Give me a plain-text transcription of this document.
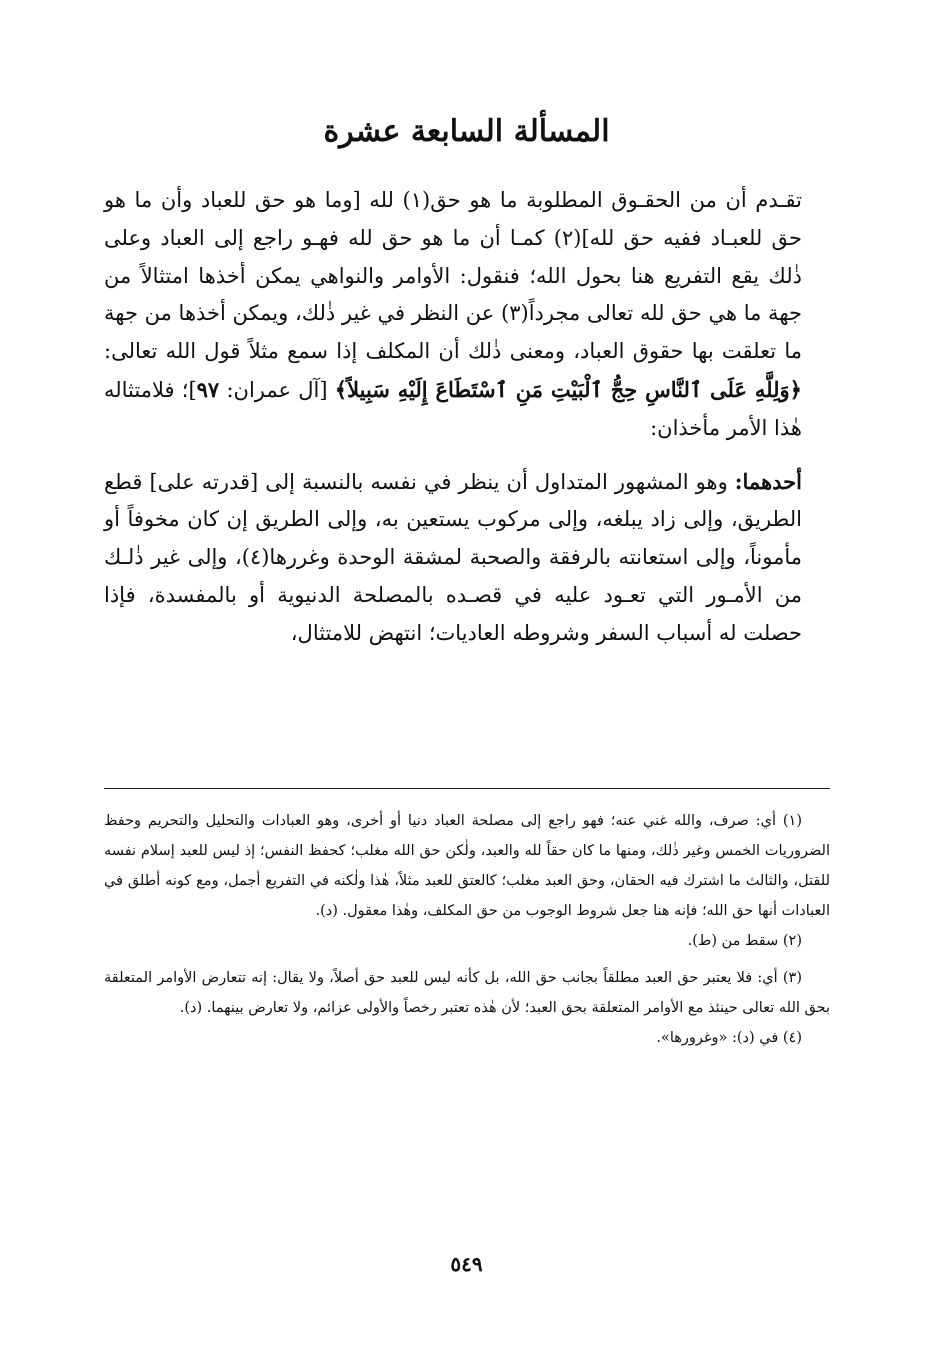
المسألة السابعة عشرة

تقـدم أن من الحقـوق المطلوبة ما هو حق(١) لله [وما هو حق للعباد وأن ما هو حق للعبـاد ففيه حق لله](٢) كمـا أن ما هو حق لله فهـو راجع إلى العباد وعلى ذٰلك يقع التفريع هنا بحول الله؛ فنقول: الأوامر والنواهي يمكن أخذها امتثالاً من جهة ما هي حق لله تعالى مجرداً(٣) عن النظر في غير ذٰلك، ويمكن أخذها من جهة ما تعلقت بها حقوق العباد، ومعنى ذٰلك أن المكلف إذا سمع مثلاً قول الله تعالى: ﴿وَلِلَّهِ عَلَى ٱلنَّاسِ حِجُّ ٱلْبَيْتِ مَنِ ٱسْتَطَاعَ إِلَيْهِ سَبِيلاً﴾ [آل عمران: ٩٧]؛ فلامتثاله هٰذا الأمر مأخذان:

أحدهما: وهو المشهور المتداول أن ينظر في نفسه بالنسبة إلى [قدرته على] قطع الطريق، وإلى زاد يبلغه، وإلى مركوب يستعين به، وإلى الطريق إن كان مخوفاً أو مأموناً، وإلى استعانته بالرفقة والصحبة لمشقة الوحدة وغررها(٤)، وإلى غير ذٰلـك من الأمـور التي تعـود عليه في قصـده بالمصلحة الدنيوية أو بالمفسدة، فإذا حصلت له أسباب السفر وشروطه العاديات؛ انتهض للامتثال،

(١) أي: صرف، والله غني عنه؛ فهو راجع إلى مصلحة العباد دنيا أو أخرى، وهو العبادات والتحليل والتحريم وحفظ الضروريات الخمس وغير ذٰلك، ومنها ما كان حقاً لله والعبد، ولٰكن حق الله مغلب؛ كحفظ النفس؛ إذ ليس للعبد إسلام نفسه للقتل، والثالث ما اشترك فيه الحقان، وحق العبد مغلب؛ كالعتق للعبد مثلاً، هٰذا ولٰكنه في التفريع أجمل، ومع كونه أطلق في العبادات أنها حق الله؛ فإنه هنا جعل شروط الوجوب من حق المكلف، وهٰذا معقول. (د).

(٢) سقط من (ط).

(٣) أي: فلا يعتبر حق العبد مطلقاً بجانب حق الله، بل كأنه ليس للعبد حق أصلاً، ولا يقال: إنه تتعارض الأوامر المتعلقة بحق الله تعالى حينئذ مع الأوامر المتعلقة بحق العبد؛ لأن هٰذه تعتبر رخصاً والأولى عزائم، ولا تعارض بينهما. (د).

(٤) في (د): «وغرورها».

٥٤٩
